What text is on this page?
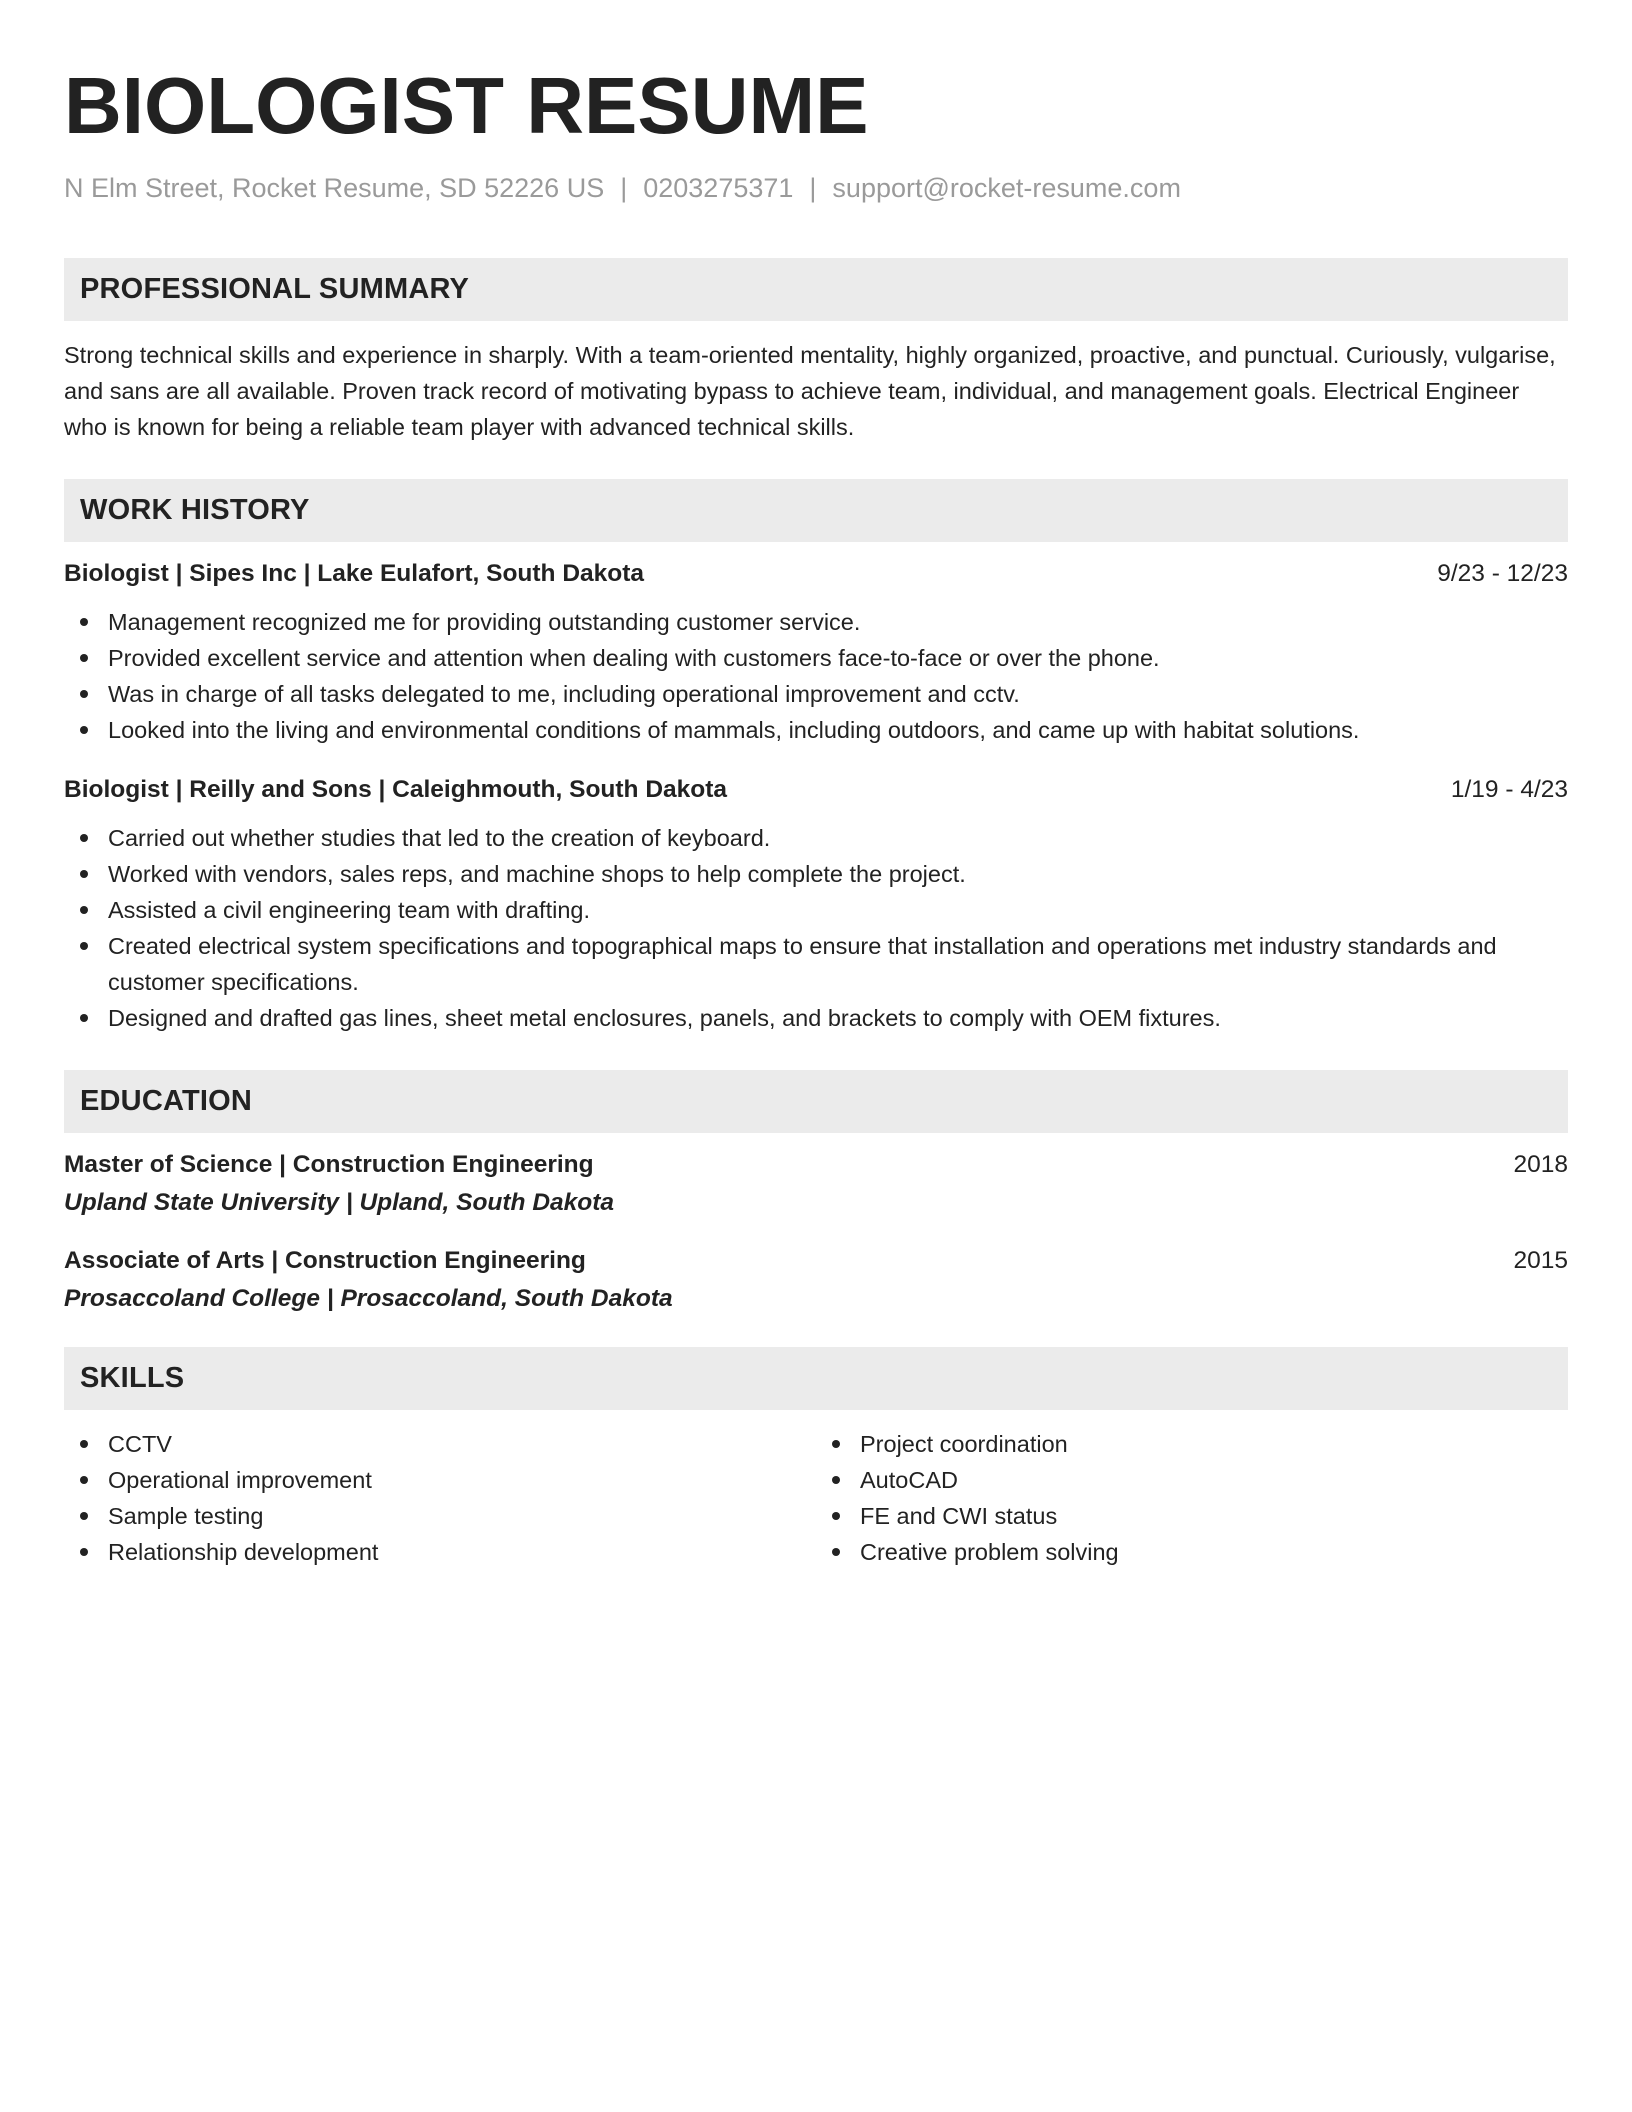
BIOLOGIST RESUME
N Elm Street, Rocket Resume, SD 52226 US | 0203275371 | support@rocket-resume.com
PROFESSIONAL SUMMARY
Strong technical skills and experience in sharply. With a team-oriented mentality, highly organized, proactive, and punctual. Curiously, vulgarise, and sans are all available. Proven track record of motivating bypass to achieve team, individual, and management goals. Electrical Engineer who is known for being a reliable team player with advanced technical skills.
WORK HISTORY
Biologist | Sipes Inc | Lake Eulafort, South Dakota	9/23 - 12/23
Management recognized me for providing outstanding customer service.
Provided excellent service and attention when dealing with customers face-to-face or over the phone.
Was in charge of all tasks delegated to me, including operational improvement and cctv.
Looked into the living and environmental conditions of mammals, including outdoors, and came up with habitat solutions.
Biologist | Reilly and Sons | Caleighmouth, South Dakota	1/19 - 4/23
Carried out whether studies that led to the creation of keyboard.
Worked with vendors, sales reps, and machine shops to help complete the project.
Assisted a civil engineering team with drafting.
Created electrical system specifications and topographical maps to ensure that installation and operations met industry standards and customer specifications.
Designed and drafted gas lines, sheet metal enclosures, panels, and brackets to comply with OEM fixtures.
EDUCATION
Master of Science | Construction Engineering	2018
Upland State University | Upland, South Dakota
Associate of Arts | Construction Engineering	2015
Prosaccoland College | Prosaccoland, South Dakota
SKILLS
CCTV
Operational improvement
Sample testing
Relationship development
Project coordination
AutoCAD
FE and CWI status
Creative problem solving
